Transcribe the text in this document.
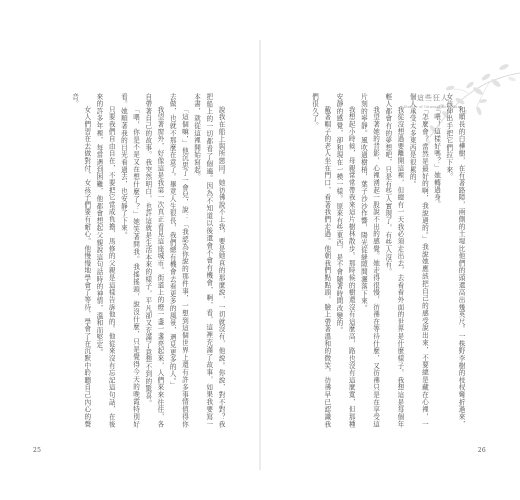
說我在船上與所戀同。她彷彿說不上我，要是她真的那麼說，一切就沒有，他說。你說，對不對？我把船上的一切都看了個遍。因為不知道以後還會不會有機會，啊，看，這裡充滿了故事，如果我要寫一本書，就從這裡開始寫起。

「這個嘛，」他沉思了一會兒，說：「我認為你說的那件事，一想到這個世界上還有許多事情值得你去做，也就不那麼在意了。畢竟人生很長，我們總有機會去看更多的風景，遇見更多的人。」

我望著窗外，好像這是我第一次真正看見這座城市。街道上的燈一盞一盞亮起來，人們來來往往，各自帶著自己的故事。我突然明白，也許這就是生活本來的樣子，平凡卻又充滿了意想不到的驚喜。

「喂，你是不是又在想什麼了？」她笑著問我。我搖搖頭，說沒什麼，只是覺得今天的晚霞特別好看。她順著我的目光看過去，也安靜了下來。

只要我們自由自在，不要把它當成負擔，馬修的父親是這樣告訴他的。他從來沒有忘記這句話，在後來的許多年裡，每當遇到困難，他都會想起父親說這句話時的神情，溫和而堅定。

女人們習在去做對付，女孩子們要有耐心。他慢慢地學會了等待，學會了在沉默中聆聽自己內心的聲音。

25
這些狂人
Stories of Unusual Rebellions

和順長的白樺樹，在有著路障，兩側的土堤比他們的頭還高出幾英尺。一株野李樹的枝杈彎折過來，女孩伸出手把它們拉下來。

「喂！這樣好嗎？」她轉過身。

「怎麼會？當然是最好的啊，我說過的。」我說她應該把自己的感受說出來，不要總是藏在心裡，一個人承受太多東西是很累的。

我從沒想過要離開這裡，但總有一天我必須走出去，去看看外面的世界是什麼樣子。我想這是每個年輕人都會有的夢想吧，只是有些人實現了，有些人沒有。

我望著她的背影，心裡湧起一股說不出的感覺。她走得很慢，彷彿在等待什麼，又彷彿只是在享受這片刻的寧靜。風吹過樹梢，葉子沙沙作響，陽光從縫隙間灑落下來。

我想起小時候，母親常常帶我來這片樹林散步。那時候的樹還沒有這麼高，路也沒有這麼寬，但那種安靜的感覺，卻和現在一模一樣。原來有些東西，是不會隨著時間改變的。

戴著帽子的老人坐在門口，看著我們走過。他朝我們點點頭，臉上帶著溫和的微笑，彷彿早已認識我們很久了。

26
